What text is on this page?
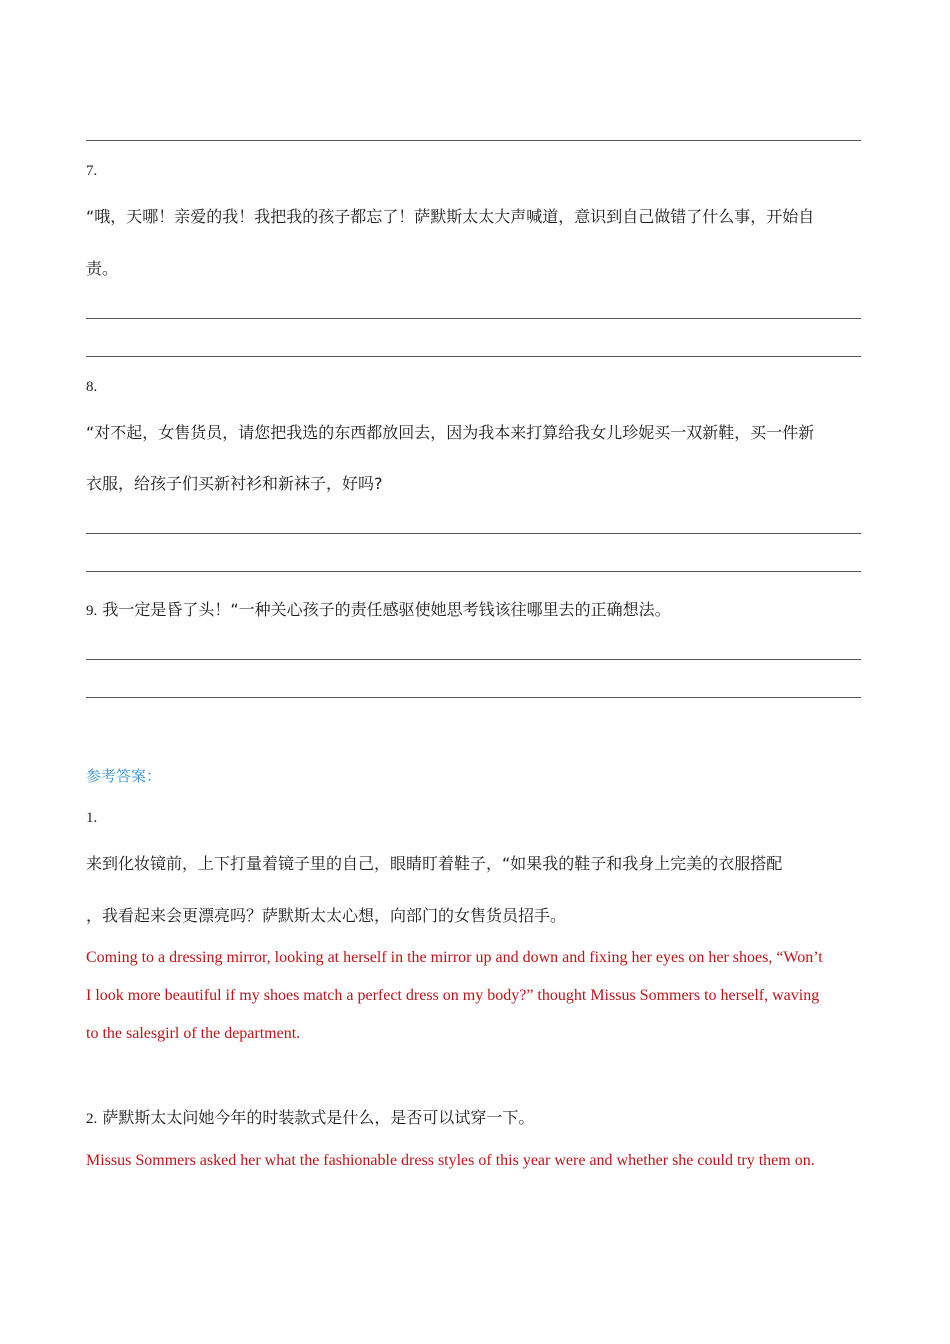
7.
“哦，天哪！亲爱的我！我把我的孩子都忘了！萨默斯太太大声喊道，意识到自己做错了什么事，开始自
责。
8.
“对不起，女售货员，请您把我选的东西都放回去，因为我本来打算给我女儿珍妮买一双新鞋，买一件新
衣服，给孩子们买新衬衫和新袜子，好吗?
9. 我一定是昏了头！“一种关心孩子的责任感驱使她思考钱该往哪里去的正确想法。
参考答案：
1.
来到化妆镜前，上下打量着镜子里的自己，眼睛盯着鞋子，“如果我的鞋子和我身上完美的衣服搭配
，我看起来会更漂亮吗？萨默斯太太心想，向部门的女售货员招手。
Coming to a dressing mirror, looking at herself in the mirror up and down and fixing her eyes on her shoes, “Won’t
I look more beautiful if my shoes match a perfect dress on my body?” thought Missus Sommers to herself, waving
to the salesgirl of the department.
2. 萨默斯太太问她今年的时装款式是什么，是否可以试穿一下。
Missus Sommers asked her what the fashionable dress styles of this year were and whether she could try them on.
